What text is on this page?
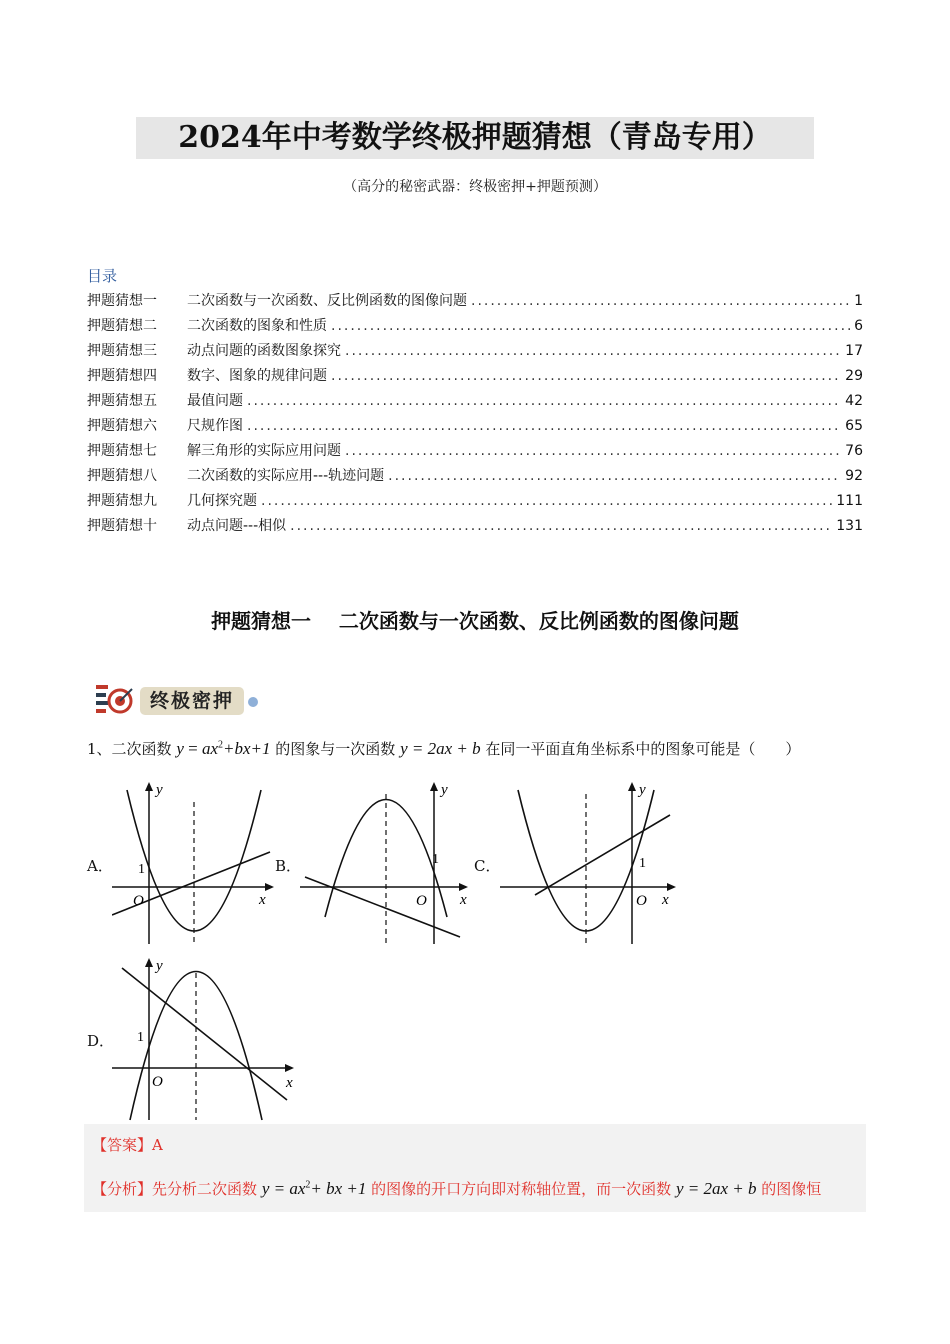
2024年中考数学终极押题猜想（青岛专用）
（高分的秘密武器：终极密押+押题预测）
目录
押题猜想一	二次函数与一次函数、反比例函数的图像问题 .....	1
押题猜想二	二次函数的图象和性质 .....	6
押题猜想三	动点问题的函数图象探究 .....	17
押题猜想四	数字、图象的规律问题 .....	29
押题猜想五	最值问题 .....	42
押题猜想六	尺规作图 .....	65
押题猜想七	解三角形的实际应用问题 .....	76
押题猜想八	二次函数的实际应用---轨迹问题 .....	92
押题猜想九	几何探究题 .....	111
押题猜想十	动点问题---相似 .....	131
押题猜想一    二次函数与一次函数、反比例函数的图像问题
终极密押
1、二次函数 $y = ax^2+bx+1$ 的图象与一次函数 y = 2ax + b 在同一平面直角坐标系中的图象可能是（　　）
A．
y
x
O
1	B．
y
x
O
1 C．
y
x
O
1
D．
y
x
O
1
【答案】A
【分析】先分析二次函数 $y = ax^2+$ bx +1 的图像的开口方向即对称轴位置，而一次函数 y = 2ax + b 的图像恒
